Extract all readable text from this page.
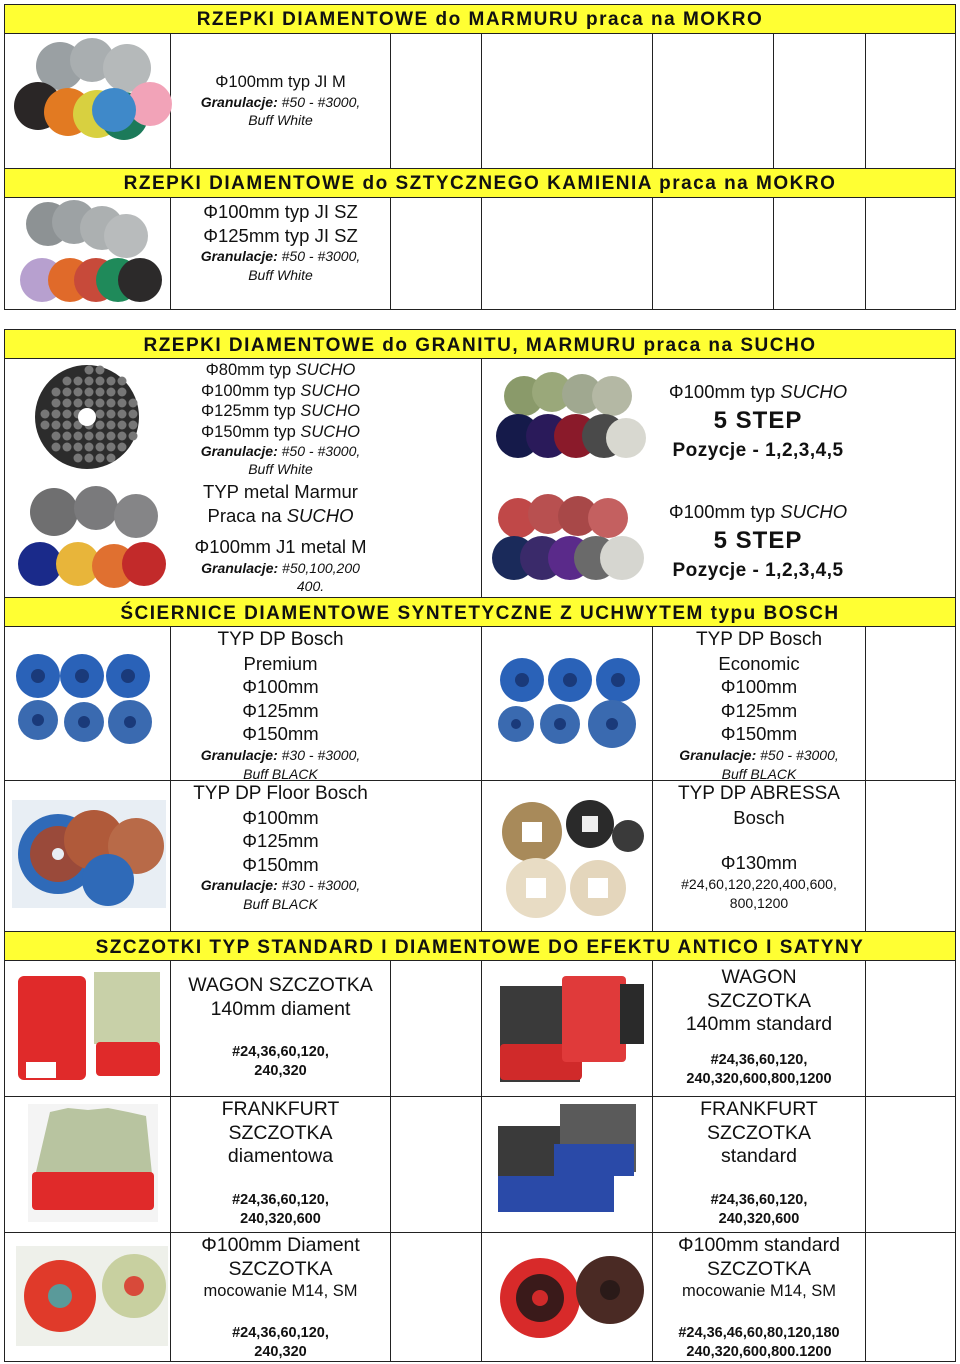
RZEPKI DIAMENTOWE do MARMURU praca na MOKRO
Φ100mm typ JI M
Granulacje: #50 - #3000,
Buff White
RZEPKI DIAMENTOWE do SZTYCZNEGO KAMIENIA praca na MOKRO
Φ100mm typ JI SZ
Φ125mm typ JI SZ
Granulacje: #50 - #3000,
Buff White
RZEPKI DIAMENTOWE do GRANITU, MARMURU praca na SUCHO
Φ80mm typ SUCHO
Φ100mm typ SUCHO
Φ125mm typ SUCHO
Φ150mm typ SUCHO
Granulacje: #50 - #3000,
Buff White
TYP metal Marmur
Praca na SUCHO
Φ100mm J1 metal M
Granulacje: #50,100,200
400.
Φ100mm typ SUCHO
5 STEP
Pozycje - 1,2,3,4,5
Φ100mm typ SUCHO
5 STEP
Pozycje - 1,2,3,4,5
ŚCIERNICE DIAMENTOWE SYNTETYCZNE Z UCHWYTEM typu BOSCH
TYP DP Bosch
Premium
Φ100mm
Φ125mm
Φ150mm
Granulacje: #30 - #3000,
Buff BLACK
TYP DP Bosch
Economic
Φ100mm
Φ125mm
Φ150mm
Granulacje: #50 - #3000,
Buff BLACK
TYP DP Floor Bosch
Φ100mm
Φ125mm
Φ150mm
Granulacje: #30 - #3000,
Buff BLACK
TYP DP ABRESSA
Bosch
Φ130mm
#24,60,120,220,400,600,
800,1200
SZCZOTKI TYP STANDARD I DIAMENTOWE DO EFEKTU ANTICO I SATYNY
WAGON SZCZOTKA
140mm diament
#24,36,60,120,
240,320
WAGON
SZCZOTKA
140mm standard
#24,36,60,120,
240,320,600,800,1200
FRANKFURT
SZCZOTKA
diamentowa
#24,36,60,120,
240,320,600
FRANKFURT
SZCZOTKA
standard
#24,36,60,120,
240,320,600
Φ100mm Diament
SZCZOTKA
mocowanie M14, SM
#24,36,60,120,
240,320
Φ100mm standard
SZCZOTKA
mocowanie M14, SM
#24,36,46,60,80,120,180
240,320,600,800.1200
